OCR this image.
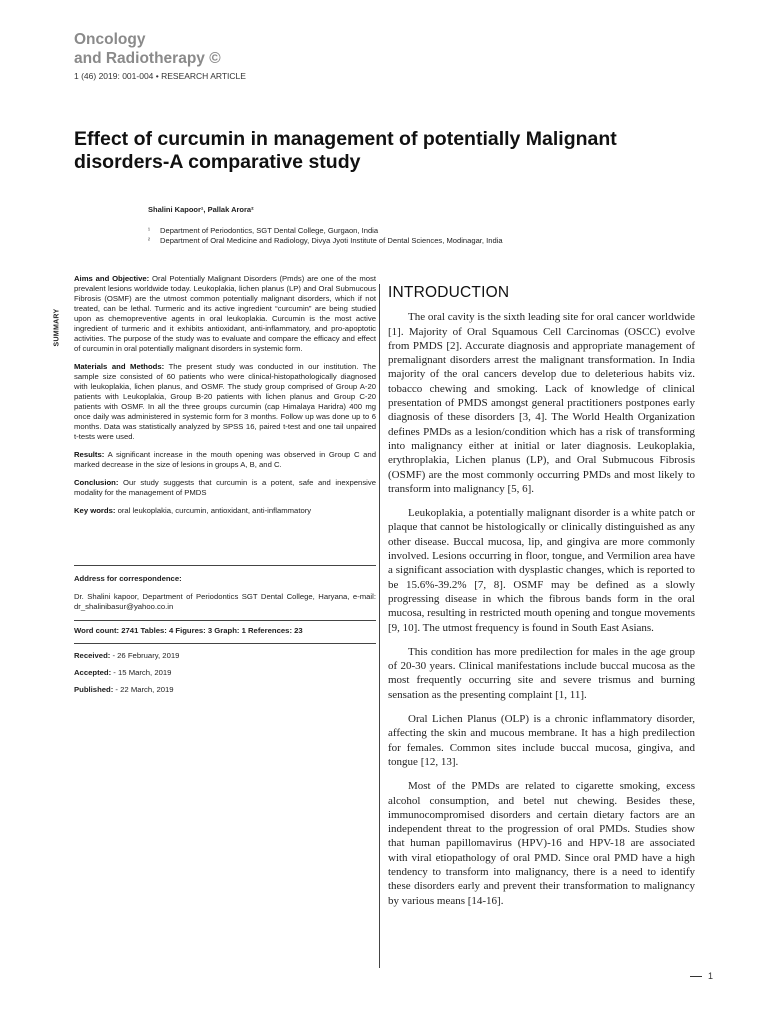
Oncology
and Radiotherapy ©
1 (46) 2019: 001-004 • RESEARCH ARTICLE
Effect of curcumin in management of potentially Malignant disorders-A comparative study
Shalini Kapoor¹, Pallak Arora²
¹	Department of Periodontics, SGT Dental College, Gurgaon, India
²	Department of Oral Medicine and Radiology, Divya Jyoti Institute of Dental Sciences, Modinagar, India
SUMMARY

Aims and Objective: Oral Potentially Malignant Disorders (Pmds) are one of the most prevalent lesions worldwide today. Leukoplakia, lichen planus (LP) and Oral Submucous Fibrosis (OSMF) are the utmost common potentially malignant disorders, which if not treated, can be lethal. Turmeric and its active ingredient “curcumin” are being studied upon as chemopreventive agents in oral leukoplakia. Curcumin is the most active ingredient of turmeric and it exhibits antioxidant, anti-inflammatory, and pro-apoptotic activities. The purpose of the study was to evaluate and compare the efficacy and effect of curcumin in oral potentially malignant disorders in systemic form.

Materials and Methods: The present study was conducted in our institution. The sample size consisted of 60 patients who were clinical-histopathologically diagnosed with leukoplakia, lichen planus, and OSMF. The study group comprised of Group A-20 patients with Leukoplakia, Group B-20 patients with lichen planus and Group C-20 patients with OSMF. In all the three groups curcumin (cap Himalaya Haridra) 400 mg once daily was administered in systemic form for 3 months. Follow up was done up to 6 months. Data was statistically analyzed by SPSS 16, paired t-test and one tail unpaired t-tests were used.

Results: A significant increase in the mouth opening was observed in Group C and marked decrease in the size of lesions in groups A, B, and C.

Conclusion: Our study suggests that curcumin is a potent, safe and inexpensive modality for the management of PMDS

Key words: oral leukoplakia, curcumin, antioxidant, anti-inflammatory

Address for correspondence:
Dr. Shalini kapoor, Department of Periodontics SGT Dental College, Haryana, e-mail: dr_shalinibasur@yahoo.co.in
Word count: 2741 Tables: 4 Figures: 3 Graph: 1 References: 23
Received: - 26 February, 2019
Accepted: - 15 March, 2019
Published: - 22 March, 2019
INTRODUCTION

The oral cavity is the sixth leading site for oral cancer worldwide [1]. Majority of Oral Squamous Cell Carcinomas (OSCC) evolve from PMDS [2]. Accurate diagnosis and appropriate management of premalignant disorders arrest the malignant transformation. In India majority of the oral cancers develop due to deleterious habits viz. tobacco chewing and smoking. Lack of knowledge of clinical presentation of PMDS amongst general practitioners postpones early diagnosis of these disorders [3, 4]. The World Health Organization defines PMDs as a lesion/condition which has a risk of transforming into malignancy either at initial or later diagnosis. Leukoplakia, erythroplakia, Lichen planus (LP), and Oral Submucous Fibrosis (OSMF) are the most commonly occurring PMDs and most likely to transform into malignancy [5, 6].

Leukoplakia, a potentially malignant disorder is a white patch or plaque that cannot be histologically or clinically distinguished as any other disease. Buccal mucosa, lip, and gingiva are more commonly involved. Lesions occurring in floor, tongue, and Vermilion area have a significant association with dysplastic changes, which is reported to be 15.6%-39.2% [7, 8]. OSMF may be defined as a slowly progressing disease in which the fibrous bands form in the oral mucosa, resulting in restricted mouth opening and tongue movements [9, 10]. The utmost frequency is found in South East Asians.

This condition has more predilection for males in the age group of 20-30 years. Clinical manifestations include buccal mucosa as the most frequently occurring site and severe trismus and burning sensation as the presenting complaint [1, 11].

Oral Lichen Planus (OLP) is a chronic inflammatory disorder, affecting the skin and mucous membrane. It has a high predilection for females. Common sites include buccal mucosa, gingiva, and tongue [12, 13].

Most of the PMDs are related to cigarette smoking, excess alcohol consumption, and betel nut chewing. Besides these, immunocompromised disorders and certain dietary factors are an independent threat to the progression of oral PMDs. Studies show that human papillomavirus (HPV)-16 and HPV-18 are associated with viral etiopathology of oral PMD. Since oral PMD have a high tendency to transform into malignancy, there is a need to identify these disorders early and prevent their transformation to malignancy by various means [14-16].

1
